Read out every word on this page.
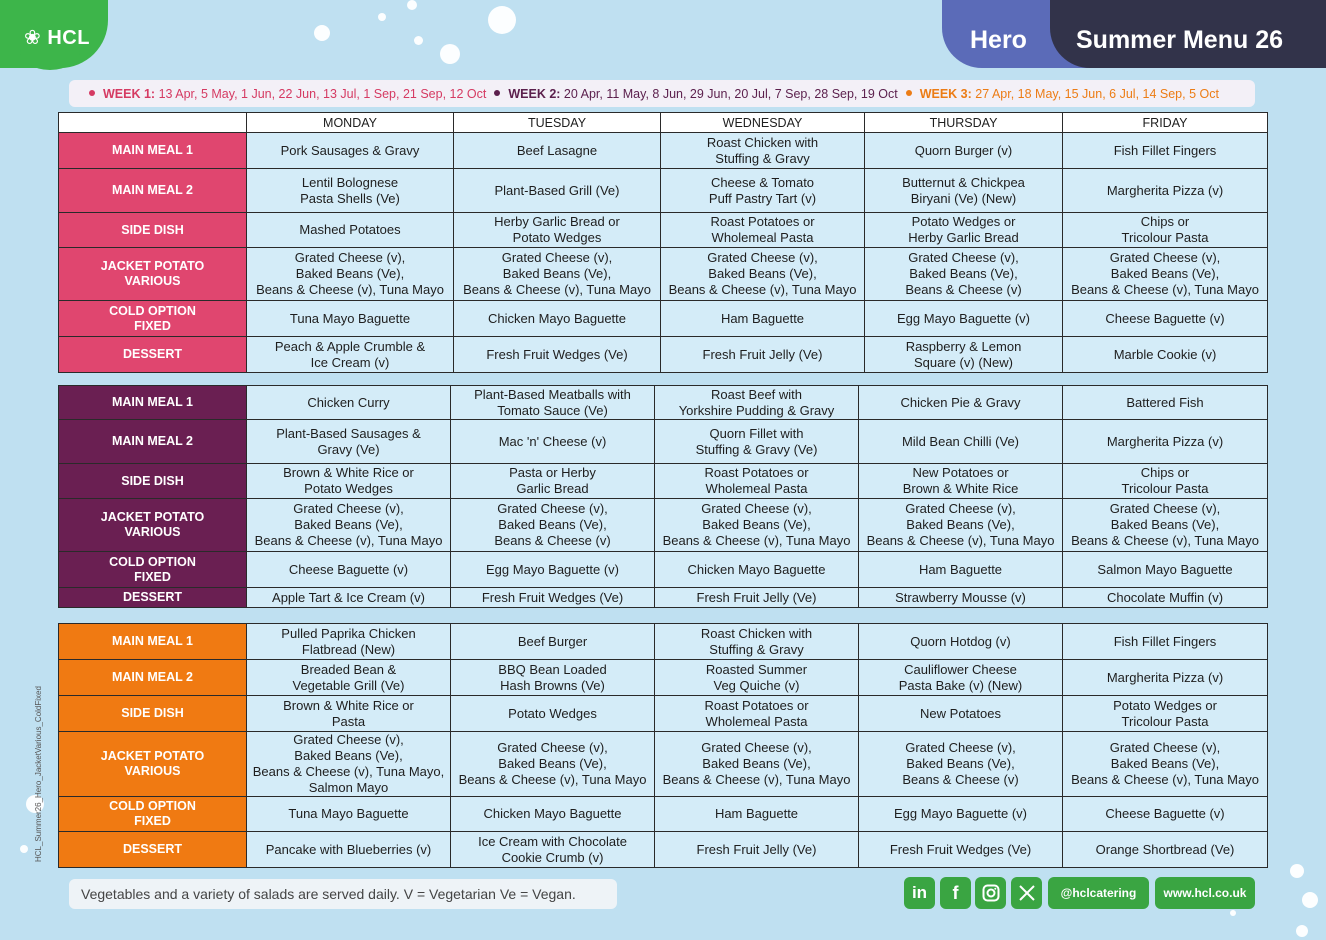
❀ HCL	Hero Summer Menu 26
WEEK 1: 13 Apr, 5 May, 1 Jun, 22 Jun, 13 Jul, 1 Sep, 21 Sep, 12 Oct	WEEK 2: 20 Apr, 11 May, 8 Jun, 29 Jun, 20 Jul, 7 Sep, 28 Sep, 19 Oct	WEEK 3: 27 Apr, 18 May, 15 Jun, 6 Jul, 14 Sep, 5 Oct
	MONDAY	TUESDAY	WEDNESDAY	THURSDAY	FRIDAY
MAIN MEAL 1	Pork Sausages & Gravy	Beef Lasagne	Roast Chicken with
Stuffing & Gravy	Quorn Burger (v)	Fish Fillet Fingers
MAIN MEAL 2	Lentil Bolognese
Pasta Shells (Ve)	Plant-Based Grill (Ve)	Cheese & Tomato
Puff Pastry Tart (v)	Butternut & Chickpea
Biryani (Ve) (New)	Margherita Pizza (v)
SIDE DISH	Mashed Potatoes	Herby Garlic Bread or
Potato Wedges	Roast Potatoes or
Wholemeal Pasta	Potato Wedges or
Herby Garlic Bread	Chips or
Tricolour Pasta
JACKET POTATO
VARIOUS	Grated Cheese (v),
Baked Beans (Ve),
Beans & Cheese (v), Tuna Mayo	Grated Cheese (v),
Baked Beans (Ve),
Beans & Cheese (v), Tuna Mayo	Grated Cheese (v),
Baked Beans (Ve),
Beans & Cheese (v), Tuna Mayo	Grated Cheese (v),
Baked Beans (Ve),
Beans & Cheese (v)	Grated Cheese (v),
Baked Beans (Ve),
Beans & Cheese (v), Tuna Mayo
COLD OPTION
FIXED	Tuna Mayo Baguette	Chicken Mayo Baguette	Ham Baguette	Egg Mayo Baguette (v)	Cheese Baguette (v)
DESSERT	Peach & Apple Crumble &
Ice Cream (v)	Fresh Fruit Wedges (Ve)	Fresh Fruit Jelly (Ve)	Raspberry & Lemon
Square (v) (New)	Marble Cookie (v)
MAIN MEAL 1	Chicken Curry	Plant-Based Meatballs with
Tomato Sauce (Ve)	Roast Beef with
Yorkshire Pudding & Gravy	Chicken Pie & Gravy	Battered Fish
MAIN MEAL 2	Plant-Based Sausages &
Gravy (Ve)	Mac 'n' Cheese (v)	Quorn Fillet with
Stuffing & Gravy (Ve)	Mild Bean Chilli (Ve)	Margherita Pizza (v)
SIDE DISH	Brown & White Rice or
Potato Wedges	Pasta or Herby
Garlic Bread	Roast Potatoes or
Wholemeal Pasta	New Potatoes or
Brown & White Rice	Chips or
Tricolour Pasta
JACKET POTATO
VARIOUS	Grated Cheese (v),
Baked Beans (Ve),
Beans & Cheese (v), Tuna Mayo	Grated Cheese (v),
Baked Beans (Ve),
Beans & Cheese (v)	Grated Cheese (v),
Baked Beans (Ve),
Beans & Cheese (v), Tuna Mayo	Grated Cheese (v),
Baked Beans (Ve),
Beans & Cheese (v), Tuna Mayo	Grated Cheese (v),
Baked Beans (Ve),
Beans & Cheese (v), Tuna Mayo
COLD OPTION
FIXED	Cheese Baguette (v)	Egg Mayo Baguette (v)	Chicken Mayo Baguette	Ham Baguette	Salmon Mayo Baguette
DESSERT	Apple Tart & Ice Cream (v)	Fresh Fruit Wedges (Ve)	Fresh Fruit Jelly (Ve)	Strawberry Mousse (v)	Chocolate Muffin (v)
MAIN MEAL 1	Pulled Paprika Chicken
Flatbread (New)	Beef Burger	Roast Chicken with
Stuffing & Gravy	Quorn Hotdog (v)	Fish Fillet Fingers
MAIN MEAL 2	Breaded Bean &
Vegetable Grill (Ve)	BBQ Bean Loaded
Hash Browns (Ve)	Roasted Summer
Veg Quiche (v)	Cauliflower Cheese
Pasta Bake (v) (New)	Margherita Pizza (v)
SIDE DISH	Brown & White Rice or
Pasta	Potato Wedges	Roast Potatoes or
Wholemeal Pasta	New Potatoes	Potato Wedges or
Tricolour Pasta
JACKET POTATO
VARIOUS	Grated Cheese (v),
Baked Beans (Ve),
Beans & Cheese (v), Tuna Mayo,
Salmon Mayo	Grated Cheese (v),
Baked Beans (Ve),
Beans & Cheese (v), Tuna Mayo	Grated Cheese (v),
Baked Beans (Ve),
Beans & Cheese (v), Tuna Mayo	Grated Cheese (v),
Baked Beans (Ve),
Beans & Cheese (v)	Grated Cheese (v),
Baked Beans (Ve),
Beans & Cheese (v), Tuna Mayo
COLD OPTION
FIXED	Tuna Mayo Baguette	Chicken Mayo Baguette	Ham Baguette	Egg Mayo Baguette (v)	Cheese Baguette (v)
DESSERT	Pancake with Blueberries (v)	Ice Cream with Chocolate
Cookie Crumb (v)	Fresh Fruit Jelly (Ve)	Fresh Fruit Wedges (Ve)	Orange Shortbread (Ve)
HCL_Summer26_Hero_JacketVarious_ColdFixed
Vegetables and a variety of salads are served daily. V = Vegetarian Ve = Vegan.	in f	@hclcatering www.hcl.co.uk
